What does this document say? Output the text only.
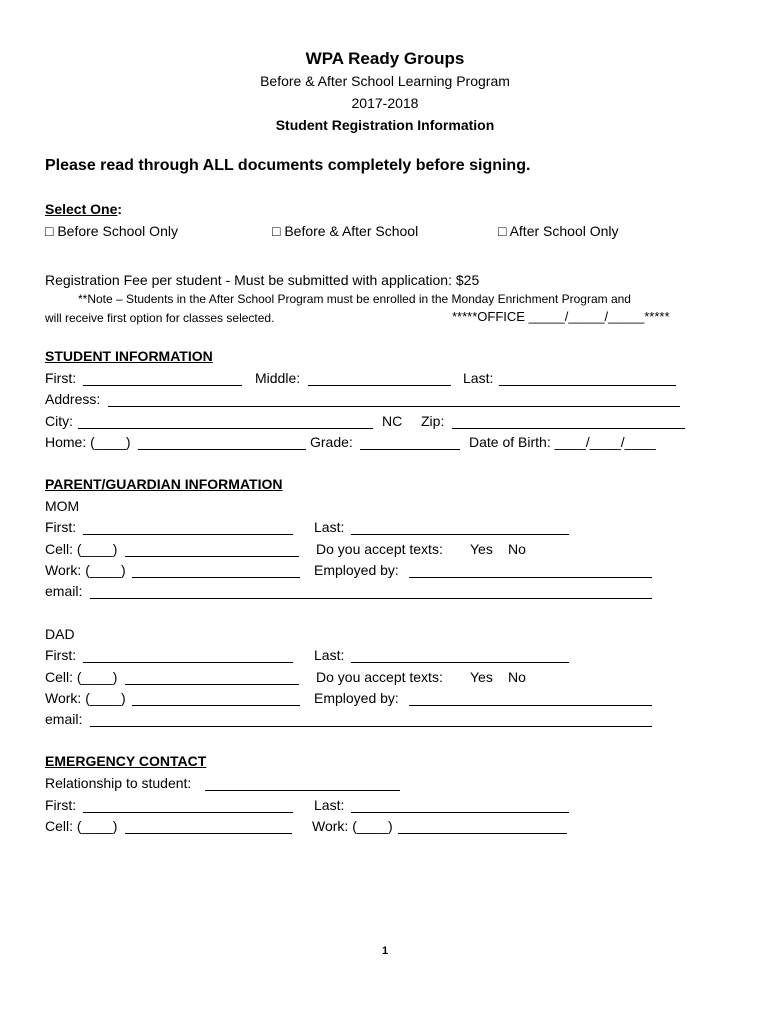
WPA Ready Groups
Before & After School Learning Program
2017-2018
Student Registration Information
Please read through ALL documents completely before signing.
Select One:
□ Before School Only	□ Before & After School	□ After School Only
Registration Fee per student - Must be submitted with application: $25
**Note – Students in the After School Program must be enrolled in the Monday Enrichment Program and
will receive first option for classes selected.	*****OFFICE _____/_____/_____*****
STUDENT INFORMATION
First:	Middle:	Last:
Address:
City:	NC Zip:
Home: (____)	Grade:	Date of Birth: ____/____/____
PARENT/GUARDIAN INFORMATION
MOM
First:	Last:
Cell: (____)	Do you accept texts: Yes No
Work: (____)	Employed by:
email:
DAD
First:	Last:
Cell: (____)	Do you accept texts: Yes No
Work: (____)	Employed by:
email:
EMERGENCY CONTACT
Relationship to student:
First:	Last:
Cell: (____)	Work: (____)
1
